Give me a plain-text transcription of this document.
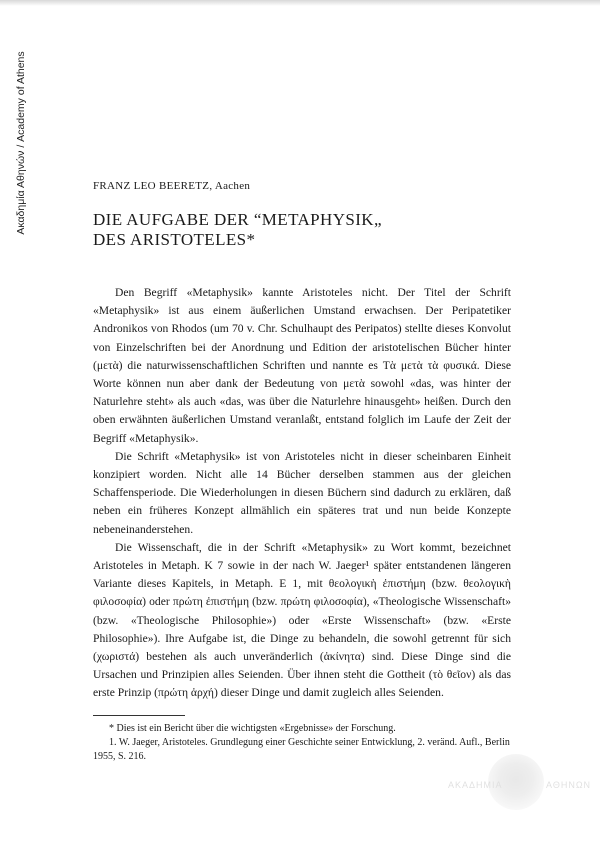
Ακαδημία Αθηνών / Academy of Athens	FRANZ LEO BEERETZ, Aachen
DIE AUFGABE DER “METAPHYSIK„
DES ARISTOTELES*

Den Begriff «Metaphysik» kannte Aristoteles nicht. Der Titel der Schrift «Metaphysik» ist aus einem äußerlichen Umstand erwachsen. Der Peripatetiker Andronikos von Rhodos (um 70 v. Chr. Schulhaupt des Peripatos) stellte dieses Konvolut von Einzelschriften bei der Anordnung und Edition der aristotelischen Bücher hinter (μετὰ) die naturwissenschaftlichen Schriften und nannte es Τὰ μετὰ τὰ φυσικά. Diese Worte können nun aber dank der Bedeutung von μετὰ sowohl «das, was hinter der Naturlehre steht» als auch «das, was über die Naturlehre hinausgeht» heißen. Durch den oben erwähnten äußerlichen Umstand veranlaßt, entstand folglich im Laufe der Zeit der Begriff «Metaphysik».

Die Schrift «Metaphysik» ist von Aristoteles nicht in dieser scheinbaren Einheit konzipiert worden. Nicht alle 14 Bücher derselben stammen aus der gleichen Schaffensperiode. Die Wiederholungen in diesen Büchern sind dadurch zu erklären, daß neben ein früheres Konzept allmählich ein späteres trat und nun beide Konzepte nebeneinanderstehen.

Die Wissenschaft, die in der Schrift «Metaphysik» zu Wort kommt, bezeichnet Aristoteles in Metaph. K 7 sowie in der nach W. Jaeger¹ später entstandenen längeren Variante dieses Kapitels, in Metaph. E 1, mit θεολογικὴ ἐπιστήμη (bzw. θεολογικὴ φιλοσοφία) oder πρώτη ἐπιστήμη (bzw. πρώτη φιλοσοφία), «Theologische Wissenschaft» (bzw. «Theologische Philosophie») oder «Erste Wissenschaft» (bzw. «Erste Philosophie»). Ihre Aufgabe ist, die Dinge zu behandeln, die sowohl getrennt für sich (χωριστά) bestehen als auch unveränderlich (ἀκίνητα) sind. Diese Dinge sind die Ursachen und Prinzipien alles Seienden. Über ihnen steht die Gottheit (τὸ θεῖον) als das erste Prinzip (πρώτη ἀρχή) dieser Dinge und damit zugleich alles Seienden.

* Dies ist ein Bericht über die wichtigsten «Ergebnisse» der Forschung.

1. W. Jaeger, Aristoteles. Grundlegung einer Geschichte seiner Entwicklung, 2. veränd. Aufl., Berlin 1955, S. 216.

ΑΚΑΔΗΜΙΑ	ΑΘΗΝΩΝ
